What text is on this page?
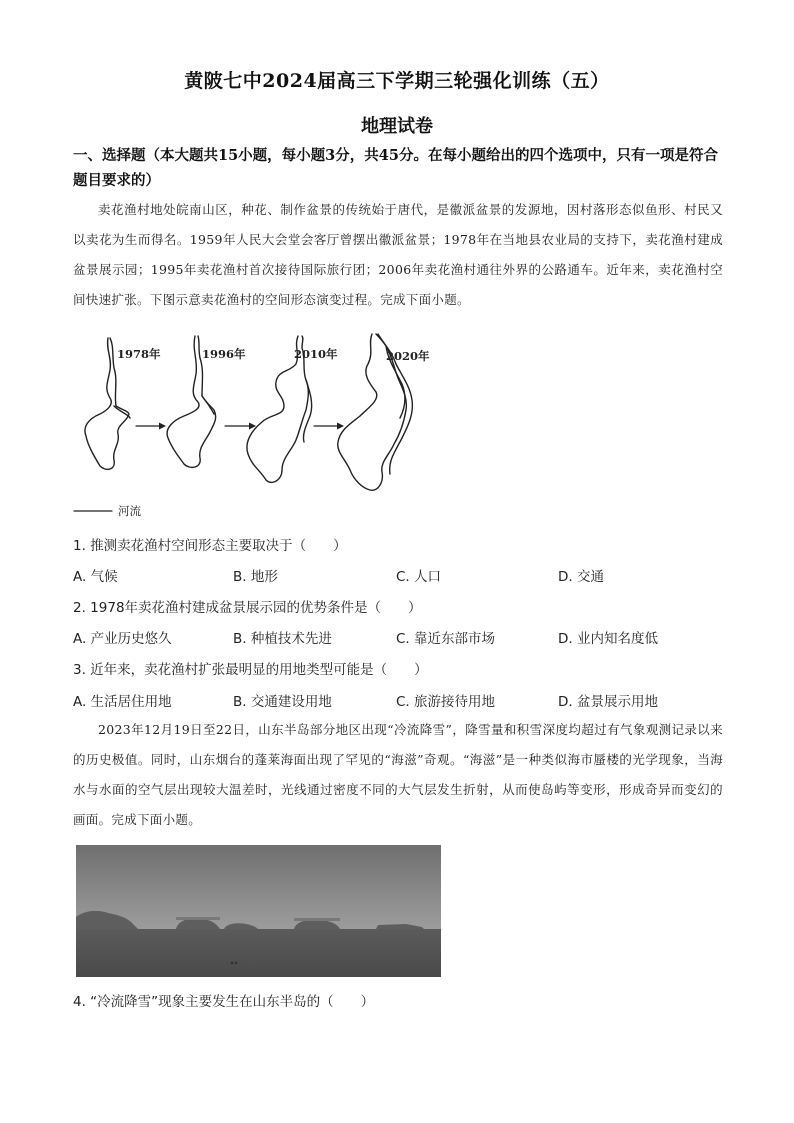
黄陂七中2024届高三下学期三轮强化训练（五）
地理试卷
一、选择题（本大题共15小题，每小题3分，共45分。在每小题给出的四个选项中，只有一项是符合题目要求的）
卖花渔村地处皖南山区，种花、制作盆景的传统始于唐代，是徽派盆景的发源地，因村落形态似鱼形、村民又以卖花为生而得名。1959年人民大会堂会客厅曾摆出徽派盆景；1978年在当地县农业局的支持下，卖花渔村建成盆景展示园；1995年卖花渔村首次接待国际旅行团；2006年卖花渔村通往外界的公路通车。近年来，卖花渔村空间快速扩张。下图示意卖花渔村的空间形态演变过程。完成下面小题。
1978年	1996年	2010年	2020年
河流
1. 推测卖花渔村空间形态主要取决于（　　）
A. 气候	B. 地形	C. 人口	D. 交通
2. 1978年卖花渔村建成盆景展示园的优势条件是（　　）
A. 产业历史悠久	B. 种植技术先进	C. 靠近东部市场	D. 业内知名度低
3. 近年来，卖花渔村扩张最明显的用地类型可能是（　　）
A. 生活居住用地	B. 交通建设用地	C. 旅游接待用地	D. 盆景展示用地
2023年12月19日至22日，山东半岛部分地区出现“冷流降雪”，降雪量和积雪深度均超过有气象观测记录以来的历史极值。同时，山东烟台的蓬莱海面出现了罕见的“海滋”奇观。“海滋”是一种类似海市蜃楼的光学现象，当海水与水面的空气层出现较大温差时，光线通过密度不同的大气层发生折射，从而使岛屿等变形，形成奇异而变幻的画面。完成下面小题。
4. “冷流降雪”现象主要发生在山东半岛的（　　）
